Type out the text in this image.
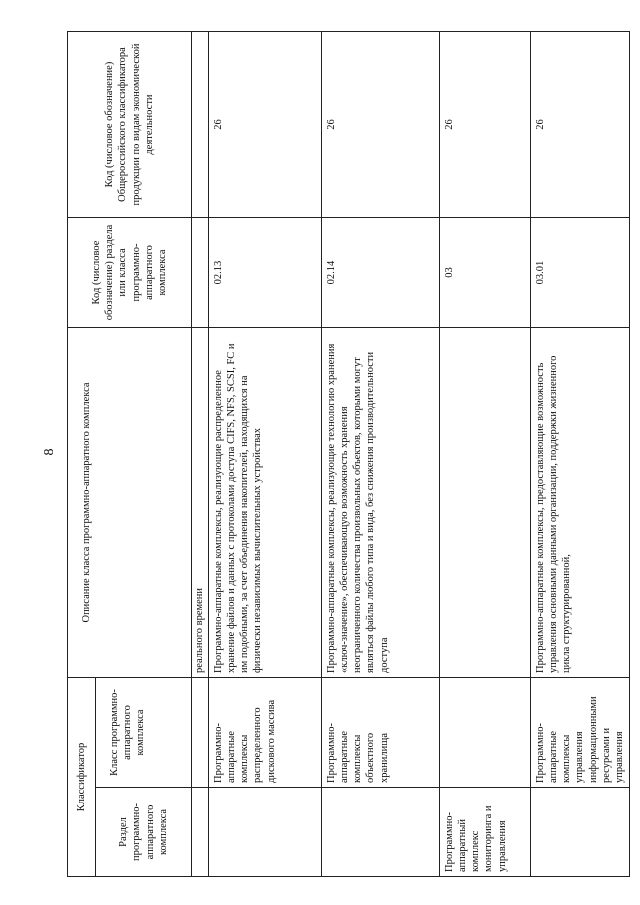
8
Классификатор		Описание класса программно-аппаратного комплекса	Код (числовое обозначение) раздела или класса программно-аппаратного комплекса	Код (числовое обозначение) Общероссийского классификатора продукции по видам экономической деятельности
Раздел программно-аппаратного комплекса	Класс программно-аппаратного комплекса			
		реального времени		
	Программно-аппаратные комплексы распределенного дискового массива	Программно-аппаратные комплексы, реализующие распределенное хранение файлов и данных с протоколами доступа CIFS, NFS, SCSI, FC и им подобными, за счет объединения накопителей, находящихся на физически независимых вычислительных устройствах	02.13	26
	Программно-аппаратные комплексы объектного хранилища	Программно-аппаратные комплексы, реализующие технологию хранения «ключ-значение», обеспечивающую возможность хранения неограниченного количества произвольных объектов, которыми могут являться файлы любого типа и вида, без снижения производительности доступа	02.14	26
Программно-аппаратный комплекс мониторинга и управления			03	26
	Программно-аппаратные комплексы управления информационными ресурсами и управления	Программно-аппаратные комплексы, предоставляющие возможность управления основными данными организации, поддержки жизненного цикла структурированной,	03.01	26
